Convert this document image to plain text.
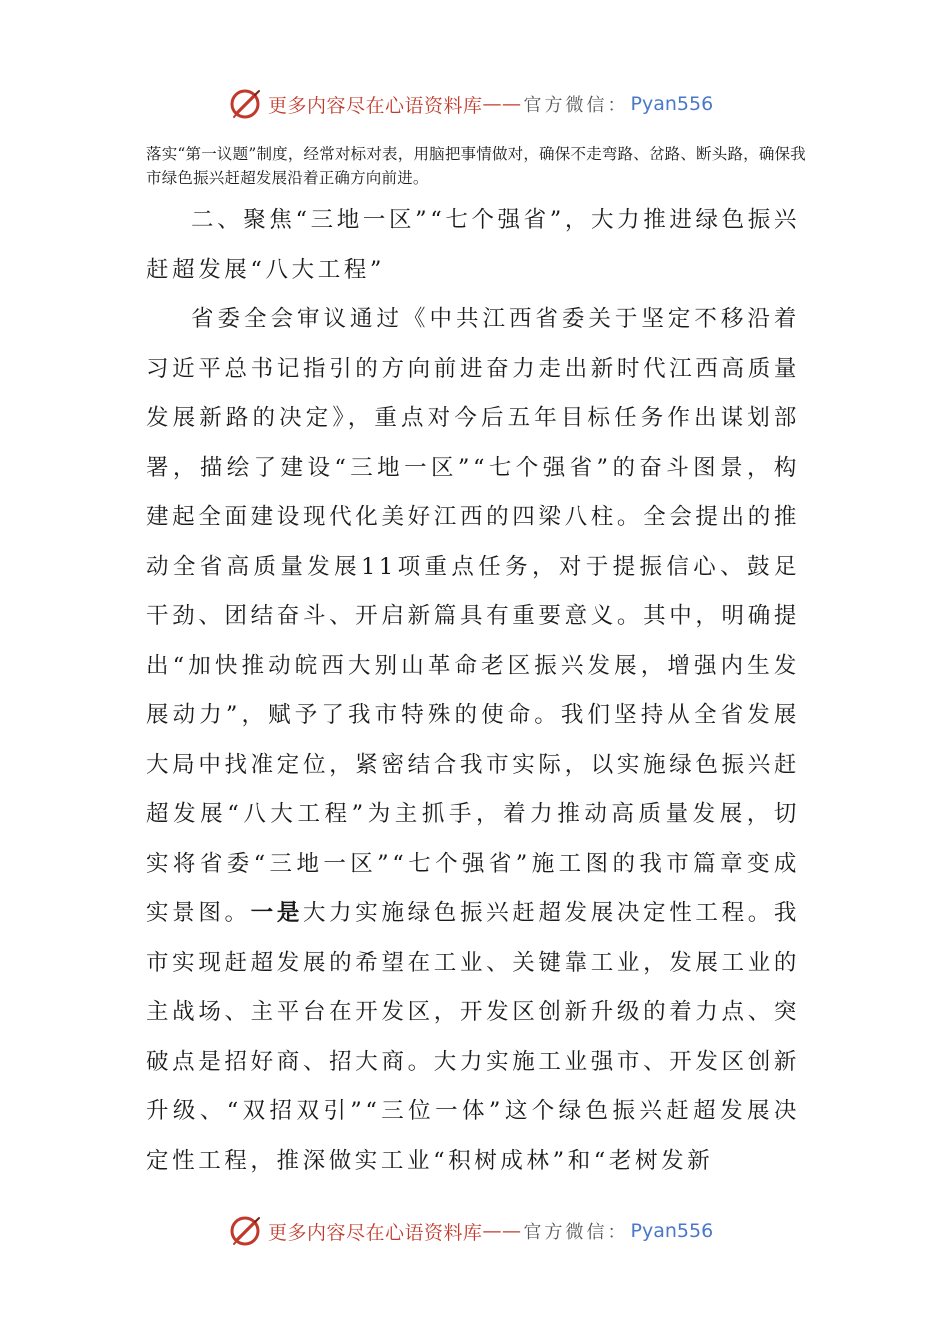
更多内容尽在心语资料库 —— 官方微信： Pyan556

落实“第一议题”制度，经常对标对表，用脑把事情做对，确保不走弯路、岔路、断头路，确保我市绿色振兴赶超发展沿着正确方向前进。

二、聚焦“三地一区”“七个强省”，大力推进绿色振兴赶超发展“八大工程”

省委全会审议通过《中共江西省委关于坚定不移沿着习近平总书记指引的方向前进奋力走出新时代江西高质量发展新路的决定》，重点对今后五年目标任务作出谋划部署，描绘了建设“三地一区”“七个强省”的奋斗图景，构建起全面建设现代化美好江西的四梁八柱。全会提出的推动全省高质量发展11项重点任务，对于提振信心、鼓足干劲、团结奋斗、开启新篇具有重要意义。其中，明确提出“加快推动皖西大别山革命老区振兴发展，增强内生发展动力”，赋予了我市特殊的使命。我们坚持从全省发展大局中找准定位，紧密结合我市实际，以实施绿色振兴赶超发展“八大工程”为主抓手，着力推动高质量发展，切实将省委“三地一区”“七个强省”施工图的我市篇章变成实景图。一是大力实施绿色振兴赶超发展决定性工程。我市实现赶超发展的希望在工业、关键靠工业，发展工业的主战场、主平台在开发区，开发区创新升级的着力点、突破点是招好商、招大商。大力实施工业强市、开发区创新升级、“双招双引”“三位一体”这个绿色振兴赶超发展决定性工程，推深做实工业“积树成林”和“老树发新

更多内容尽在心语资料库 —— 官方微信： Pyan556
